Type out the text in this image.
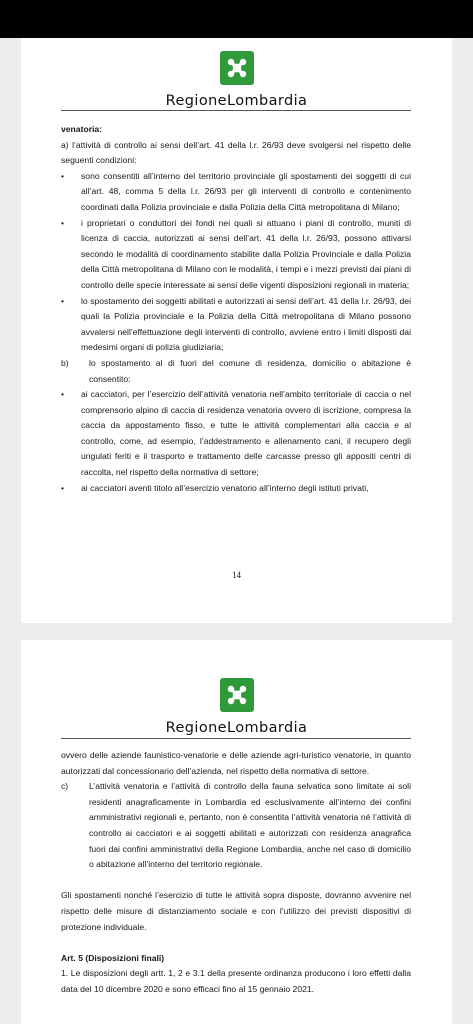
RegioneLombardia

venatoria:

a) l’attività di controllo ai sensi dell’art. 41 della l.r. 26/93 deve svolgersi nel rispetto delle seguenti condizioni:

•	sono consentiti all’interno del territorio provinciale gli spostamenti dei soggetti di cui all’art. 48, comma 5 della l.r. 26/93 per gli interventi di controllo e contenimento coordinati dalla Polizia provinciale e dalla Polizia della Città metropolitana di Milano;
•	i proprietari o conduttori dei fondi nei quali si attuano i piani di controllo, muniti di licenza di caccia, autorizzati ai sensi dell’art. 41 della l.r. 26/93, possono attivarsi secondo le modalità di coordinamento stabilite dalla Polizia Provinciale e dalla Polizia della Città metropolitana di Milano con le modalità, i tempi e i mezzi previsti dai piani di controllo delle specie interessate ai sensi delle vigenti disposizioni regionali in materia;
•	lo spostamento dei soggetti abilitati e autorizzati ai sensi dell’art. 41 della l.r. 26/93, dei quali la Polizia provinciale e la Polizia della Città metropolitana di Milano possono avvalersi nell’effettuazione degli interventi di controllo, avviene entro i limiti disposti dai medesimi organi di polizia giudiziaria;
b)	lo spostamento al di fuori del comune di residenza, domicilio o abitazione è consentito:
•	ai cacciatori, per l’esercizio dell’attività venatoria nell’ambito territoriale di caccia o nel comprensorio alpino di caccia di residenza venatoria ovvero di iscrizione, compresa la caccia da appostamento fisso, e tutte le attività complementari alla caccia e al controllo, come, ad esempio, l’addestramento e allenamento cani, il recupero degli ungulati feriti e il trasporto e trattamento delle carcasse presso gli appositi centri di raccolta, nel rispetto della normativa di settore;
•	ai cacciatori aventi titolo all’esercizio venatorio all’interno degli istituti privati,
14
RegioneLombardia

ovvero delle aziende faunistico-venatorie e delle aziende agri-turistico venatorie, in quanto autorizzati dal concessionario dell’azienda, nel rispetto della normativa di settore.

c)	L’attività venatoria e l’attività di controllo della fauna selvatica sono limitate ai soli residenti anagraficamente in Lombardia ed esclusivamente all’interno dei confini amministrativi regionali e, pertanto, non è consentita l’attività venatoria né l’attività di controllo ai cacciatori e ai soggetti abilitati e autorizzati con residenza anagrafica fuori dai confini amministrativi della Regione Lombardia, anche nel caso di domicilio o abitazione all’interno del territorio regionale.

Gli spostamenti nonché l’esercizio di tutte le attività sopra disposte, dovranno avvenire nel rispetto delle misure di distanziamento sociale e con l’utilizzo dei previsti dispositivi di protezione individuale.

Art. 5 (Disposizioni finali)

1. Le disposizioni degli artt. 1, 2 e 3.1 della presente ordinanza producono i loro effetti dalla data del 10 dicembre 2020 e sono efficaci fino al 15 gennaio 2021.
